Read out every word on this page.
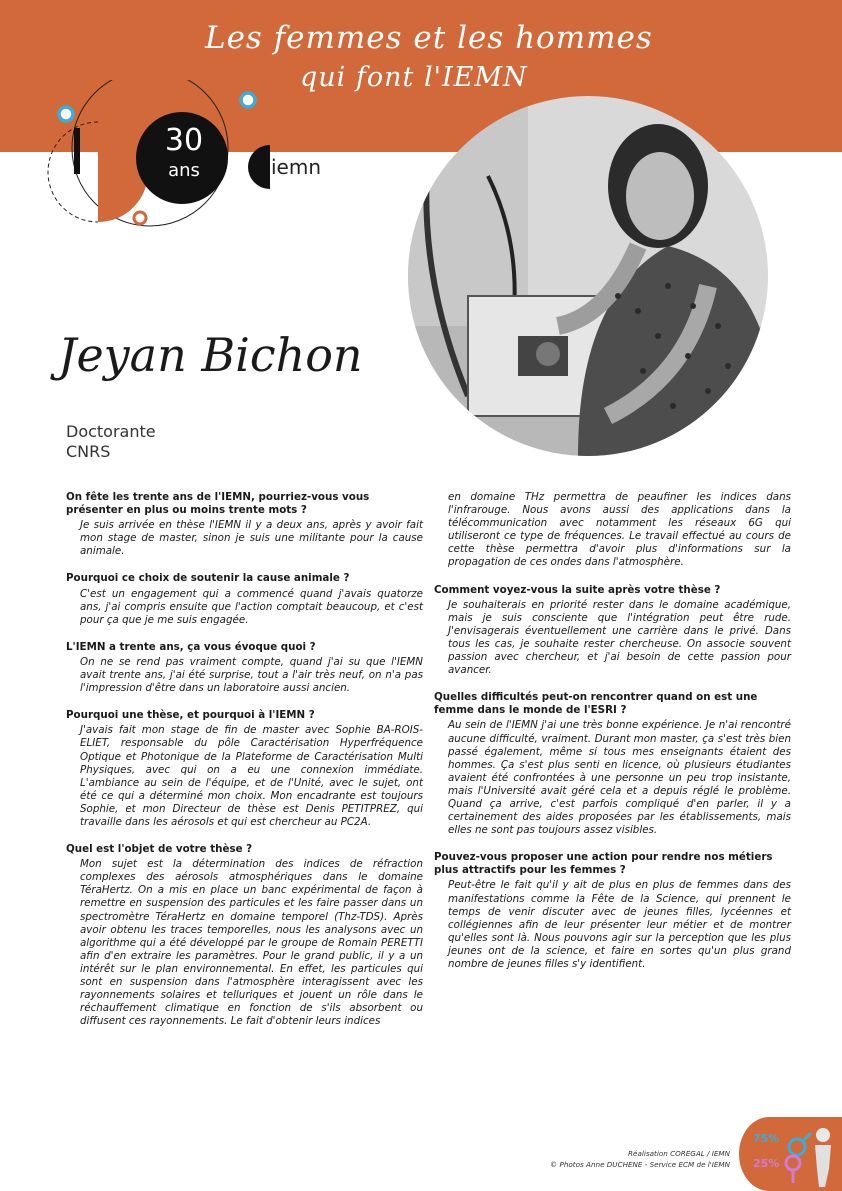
Les femmes et les hommes
qui font l'IEMN
30
ans	iemn
Jeyan Bichon
Doctorante
CNRS

On fête les trente ans de l'IEMN, pourriez-vous vous présenter en plus ou moins trente mots ?

Je suis arrivée en thèse l'IEMN il y a deux ans, après y avoir fait mon stage de master, sinon je suis une militante pour la cause animale.

Pourquoi ce choix de soutenir la cause animale ?

C'est un engagement qui a commencé quand j'avais quatorze ans, j'ai compris ensuite que l'action comptait beaucoup, et c'est pour ça que je me suis engagée.

L'IEMN a trente ans, ça vous évoque quoi ?

On ne se rend pas vraiment compte, quand j'ai su que l'IEMN avait trente ans, j'ai été surprise, tout a l'air très neuf, on n'a pas l'impression d'être dans un laboratoire aussi ancien.

Pourquoi une thèse, et pourquoi à l'IEMN ?

J'avais fait mon stage de fin de master avec Sophie BA-ROIS-ELIET, responsable du pôle Caractérisation Hyperfréquence Optique et Photonique de la Plateforme de Caractérisation Multi Physiques, avec qui on a eu une connexion immédiate. L'ambiance au sein de l'équipe, et de l'Unité, avec le sujet, ont été ce qui a déterminé mon choix. Mon encadrante est toujours Sophie, et mon Directeur de thèse est Denis PETITPREZ, qui travaille dans les aérosols et qui est chercheur au PC2A.

Quel est l'objet de votre thèse ?

Mon sujet est la détermination des indices de réfraction complexes des aérosols atmosphériques dans le domaine TéraHertz. On a mis en place un banc expérimental de façon à remettre en suspension des particules et les faire passer dans un spectromètre TéraHertz en domaine temporel (Thz-TDS). Après avoir obtenu les traces temporelles, nous les analysons avec un algorithme qui a été développé par le groupe de Romain PERETTI afin d'en extraire les paramètres. Pour le grand public, il y a un intérêt sur le plan environnemental. En effet, les particules qui sont en suspension dans l'atmosphère interagissent avec les rayonnements solaires et telluriques et jouent un rôle dans le réchauffement climatique en fonction de s'ils absorbent ou diffusent ces rayonnements. Le fait d'obtenir leurs indices

en domaine THz permettra de peaufiner les indices dans l'infrarouge. Nous avons aussi des applications dans la télécommunication avec notamment les réseaux 6G qui utiliseront ce type de fréquences. Le travail effectué au cours de cette thèse permettra d'avoir plus d'informations sur la propagation de ces ondes dans l'atmosphère.

Comment voyez-vous la suite après votre thèse ?

Je souhaiterais en priorité rester dans le domaine académique, mais je suis consciente que l'intégration peut être rude. J'envisagerais éventuellement une carrière dans le privé. Dans tous les cas, je souhaite rester chercheuse. On associe souvent passion avec chercheur, et j'ai besoin de cette passion pour avancer.

Quelles difficultés peut-on rencontrer quand on est une femme dans le monde de l'ESRI ?

Au sein de l'IEMN j'ai une très bonne expérience. Je n'ai rencontré aucune difficulté, vraiment. Durant mon master, ça s'est très bien passé également, même si tous mes enseignants étaient des hommes. Ça s'est plus senti en licence, où plusieurs étudiantes avaient été confrontées à une personne un peu trop insistante, mais l'Université avait géré cela et a depuis réglé le problème. Quand ça arrive, c'est parfois compliqué d'en parler, il y a certainement des aides proposées par les établissements, mais elles ne sont pas toujours assez visibles.

Pouvez-vous proposer une action pour rendre nos métiers plus attractifs pour les femmes ?

Peut-être le fait qu'il y ait de plus en plus de femmes dans des manifestations comme la Fête de la Science, qui prennent le temps de venir discuter avec de jeunes filles, lycéennes et collégiennes afin de leur présenter leur métier et de montrer qu'elles sont là. Nous pouvons agir sur la perception que les plus jeunes ont de la science, et faire en sortes qu'un plus grand nombre de jeunes filles s'y identifient.

Réalisation COREGAL / IEMN
© Photos Anne DUCHENE - Service ECM de l'IEMN
75%
25%
